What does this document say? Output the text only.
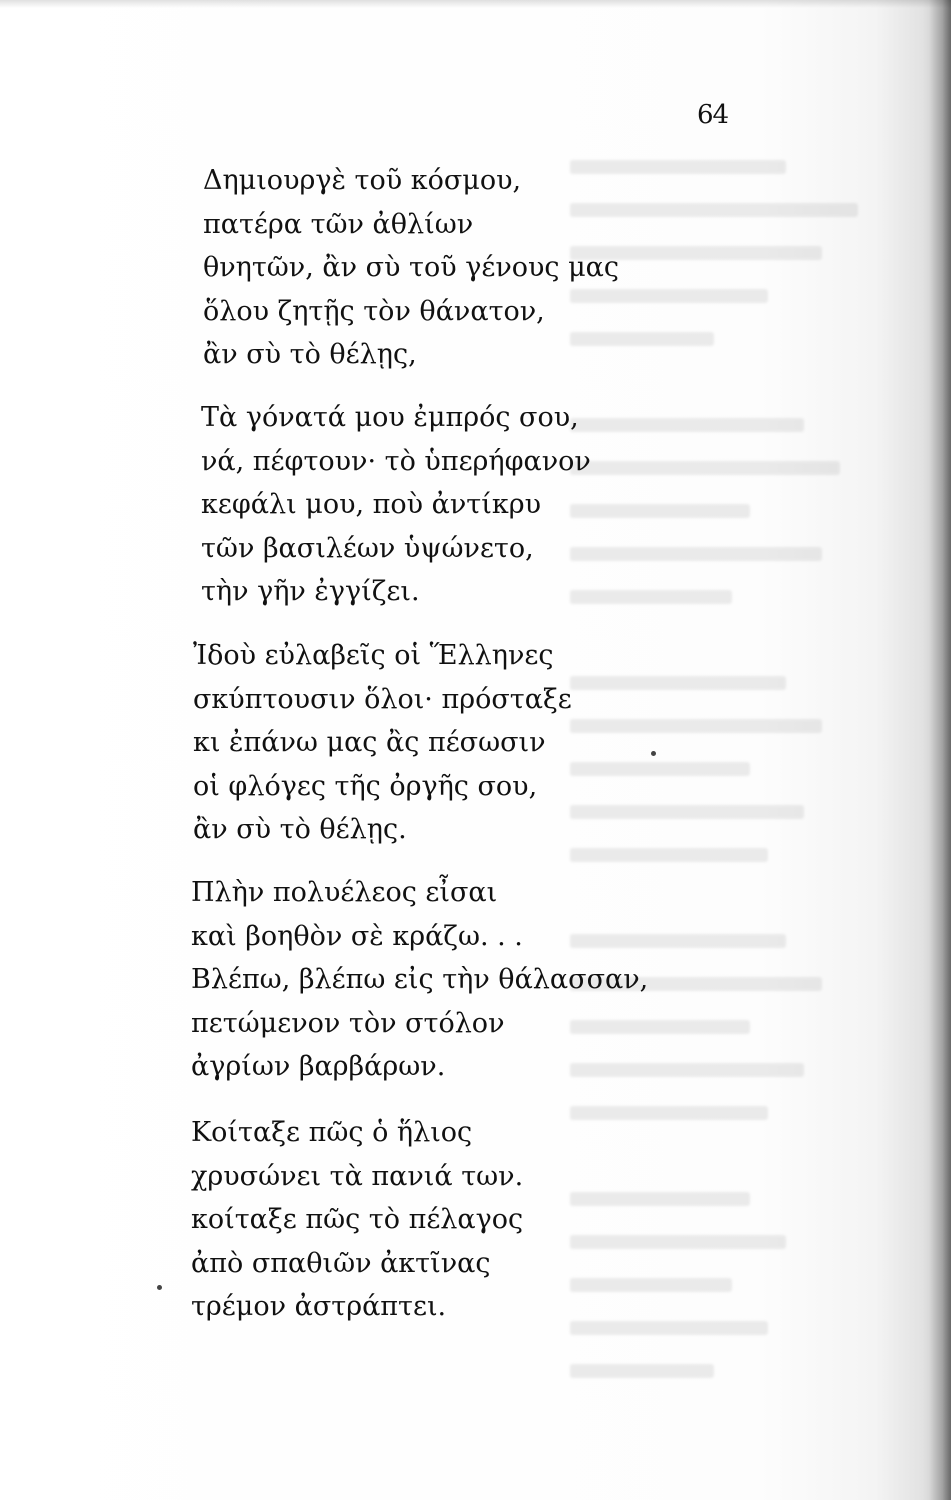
64
Δημιουργὲ τοῦ κόσμου,
πατέρα τῶν ἀθλίων
θνητῶν, ἂν σὺ τοῦ γένους μας
ὅλου ζητῇς τὸν θάνατον,
ἂν σὺ τὸ θέλῃς,
Τὰ γόνατά μου ἐμπρός σου,
νά, πέφτουν· τὸ ὑπερήφανον
κεφάλι μου, ποὺ ἀντίκρυ
τῶν βασιλέων ὑψώνετο,
τὴν γῆν ἐγγίζει.
Ἰδοὺ εὐλαβεῖς οἱ Ἕλληνες
σκύπτουσιν ὅλοι· πρόσταξε
κι ἐπάνω μας ἂς πέσωσιν
οἱ φλόγες τῆς ὀργῆς σου,
ἂν σὺ τὸ θέλῃς.
Πλὴν πολυέλεος εἶσαι
καὶ βοηθὸν σὲ κράζω. . .
Βλέπω, βλέπω εἰς τὴν θάλασσαν,
πετώμενον τὸν στόλον
ἀγρίων βαρβάρων.
Κοίταξε πῶς ὁ ἥλιος
χρυσώνει τὰ πανιά των.
κοίταξε πῶς τὸ πέλαγος
ἀπὸ σπαθιῶν ἀκτῖνας
τρέμον ἀστράπτει.
